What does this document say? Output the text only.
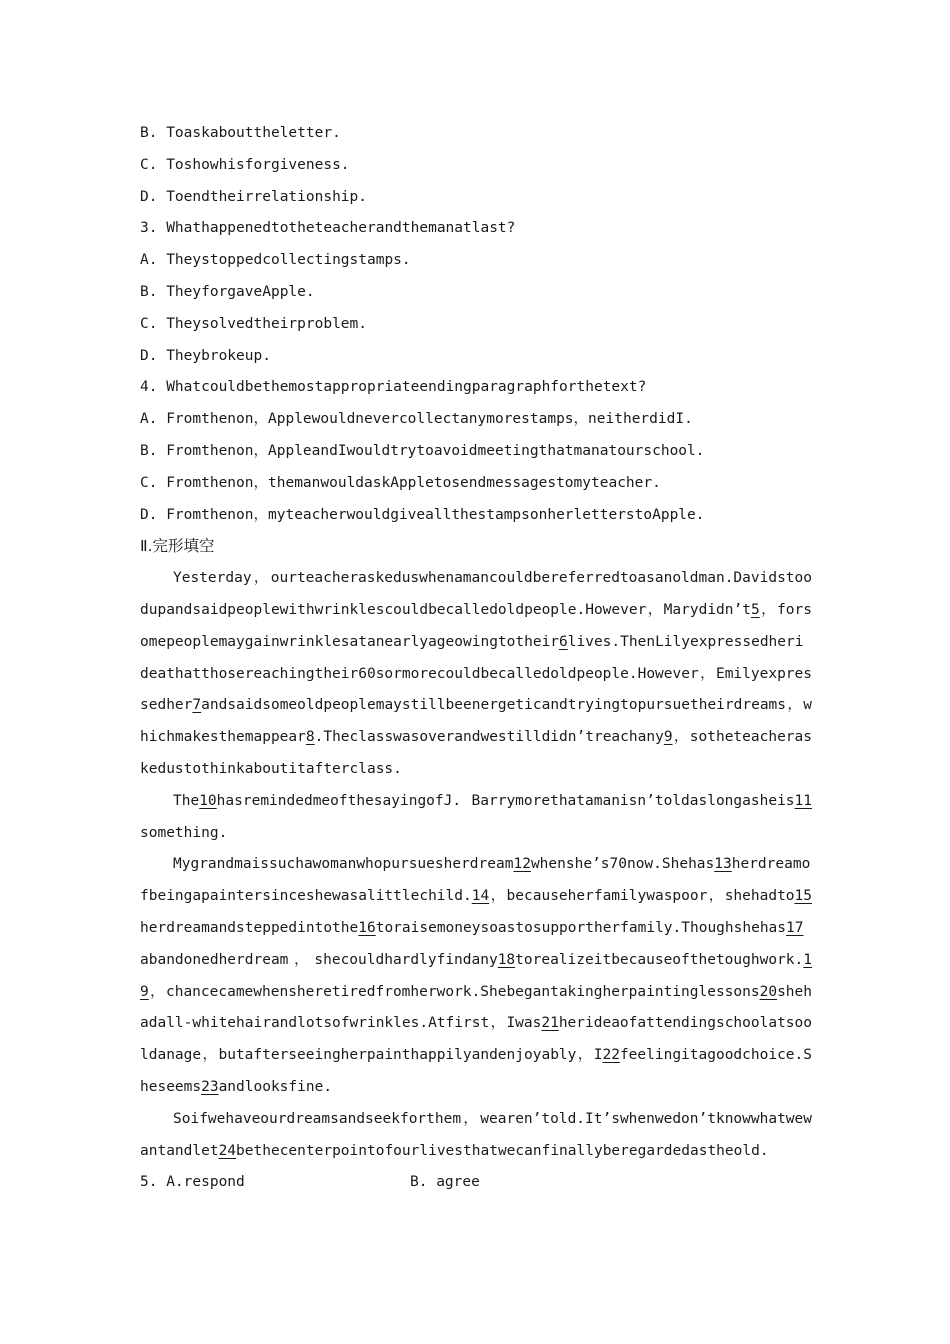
B. Toaskabouttheletter.
C. Toshowhisforgiveness.
D. Toendtheirrelationship.
3. Whathappenedtotheteacherandthemanatlast?
A. Theystoppedcollectingstamps.
B. TheyforgaveApple.
C. Theysolvedtheirproblem.
D. Theybrokeup.
4. Whatcouldbethemostappropriateendingparagraphforthetext?
A. Fromthenon，Applewouldnevercollectanymorestamps，neitherdidI.
B. Fromthenon，AppleandIwouldtrytoavoidmeetingthatmanatourschool.
C. Fromthenon，themanwouldaskAppletosendmessagestomyteacher.
D. Fromthenon，myteacherwouldgiveallthestampsonherletterstoApple.
Ⅱ.完形填空

Yesterday，ourteacheraskeduswhenamancouldbereferredtoasanoldman.Davidstoodupandsaidpeoplewithwrinklescouldbecalledoldpeople.However，Marydidn’t5，forsomepeoplemaygainwrinklesatanearlyageowingtotheir6lives.ThenLilyexpressedherideathatthosereachingtheir60sormorecouldbecalledoldpeople.However，Emilyexpressedher7andsaidsomeoldpeoplemaystillbeenergeticandtryingtopursuetheirdreams，whichmakesthemappear8.Theclasswasoverandwestilldidn’treachany9，sotheteacheraskedustothinkaboutitafterclass.

The10hasremindedmeofthesayingofJ. Barrymorethatamanisn’toldaslongasheis11something.

Mygrandmaissuchawomanwhopursuesherdream12whenshe’s70now.Shehas13herdreamofbeingapaintersinceshewasalittlechild.14，becauseherfamilywaspoor，shehadto15herdreamandsteppedintothe16toraisemoneysoastosupportherfamily.Thoughshehas17abandonedherdream，shecouldhardlyfindany18torealizeitbecauseofthetoughwork.19，chancecamewhensheretiredfromherwork.Shebegantakingherpaintinglessons20shehadall-whitehairandlotsofwrinkles.Atfirst，Iwas21herideaofattendingschoolatsooldanage，butafterseeingherpainthappilyandenjoyably，I22feelingitagoodchoice.Sheseems23andlooksfine.

Soifwehaveourdreamsandseekforthem，wearen’told.It’swhenwedon’tknowwhatwewantandlet24bethecenterpointofourlivesthatwecanfinallyberegardedastheold.

5. A.respond	B. agree
